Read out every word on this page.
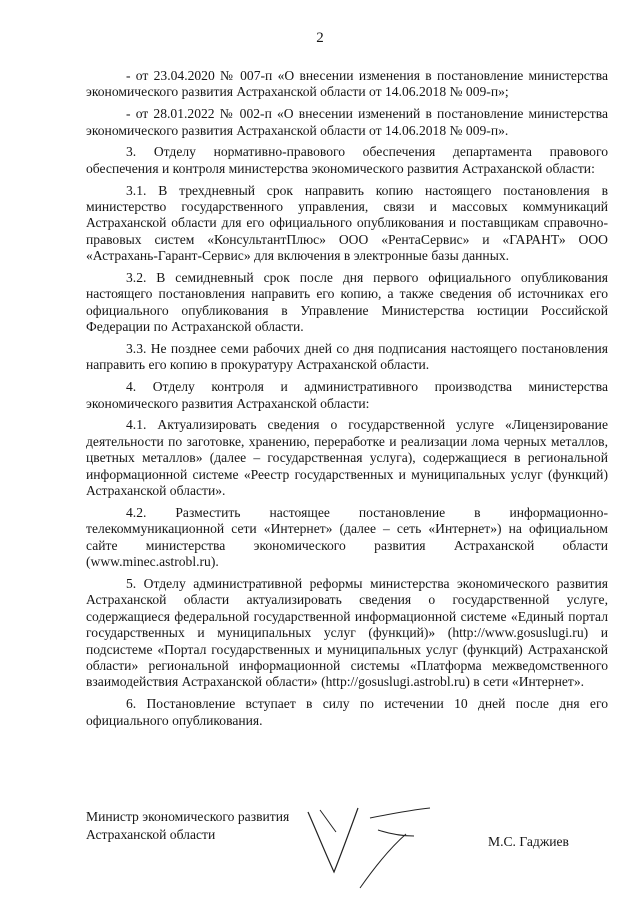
2

- от 23.04.2020 № 007-п «О внесении изменения в постановление министерства экономического развития Астраханской области от 14.06.2018 № 009-п»;

- от 28.01.2022 № 002-п «О внесении изменений в постановление министерства экономического развития Астраханской области от 14.06.2018 № 009-п».

3. Отделу нормативно-правового обеспечения департамента правового обеспечения и контроля министерства экономического развития Астраханской области:

3.1. В трехдневный срок направить копию настоящего постановления в министерство государственного управления, связи и массовых коммуникаций Астраханской области для его официального опубликования и поставщикам справочно-правовых систем «КонсультантПлюс» ООО «РентаСервис» и «ГАРАНТ» ООО «Астрахань-Гарант-Сервис» для включения в электронные базы данных.

3.2. В семидневный срок после дня первого официального опубликования настоящего постановления направить его копию, а также сведения об источниках его официального опубликования в Управление Министерства юстиции Российской Федерации по Астраханской области.

3.3. Не позднее семи рабочих дней со дня подписания настоящего постановления направить его копию в прокуратуру Астраханской области.

4. Отделу контроля и административного производства министерства экономического развития Астраханской области:

4.1. Актуализировать сведения о государственной услуге «Лицензирование деятельности по заготовке, хранению, переработке и реализации лома черных металлов, цветных металлов» (далее – государственная услуга), содержащиеся в региональной информационной системе «Реестр государственных и муниципальных услуг (функций) Астраханской области».

4.2. Разместить настоящее постановление в информационно-телекоммуникационной сети «Интернет» (далее – сеть «Интернет») на официальном сайте министерства экономического развития Астраханской области (www.minec.astrobl.ru).

5. Отделу административной реформы министерства экономического развития Астраханской области актуализировать сведения о государственной услуге, содержащиеся федеральной государственной информационной системе «Единый портал государственных и муниципальных услуг (функций)» (http://www.gosuslugi.ru) и подсистеме «Портал государственных и муниципальных услуг (функций) Астраханской области» региональной информационной системы «Платформа межведомственного взаимодействия Астраханской области» (http://gosuslugi.astrobl.ru) в сети «Интернет».

6. Постановление вступает в силу по истечении 10 дней после дня его официального опубликования.

Министр экономического развития
Астраханской области	М.С. Гаджиев
